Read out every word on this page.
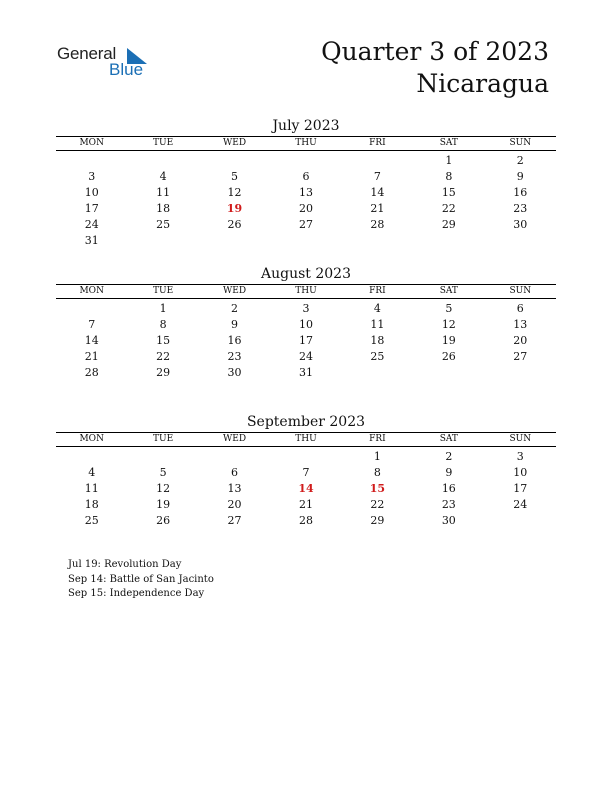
General
Blue
Quarter 3 of 2023
Nicaragua
July 2023
MON	TUE	WED	THU	FRI	SAT	SUN
					1	2
3	4	5	6	7	8	9
10	11	12	13	14	15	16
17	18	19	20	21	22	23
24	25	26	27	28	29	30
31						
August 2023
MON	TUE	WED	THU	FRI	SAT	SUN
	1	2	3	4	5	6
7	8	9	10	11	12	13
14	15	16	17	18	19	20
21	22	23	24	25	26	27
28	29	30	31			
September 2023
MON	TUE	WED	THU	FRI	SAT	SUN
				1	2	3
4	5	6	7	8	9	10
11	12	13	14	15	16	17
18	19	20	21	22	23	24
25	26	27	28	29	30	
Jul 19: Revolution Day
Sep 14: Battle of San Jacinto
Sep 15: Independence Day
